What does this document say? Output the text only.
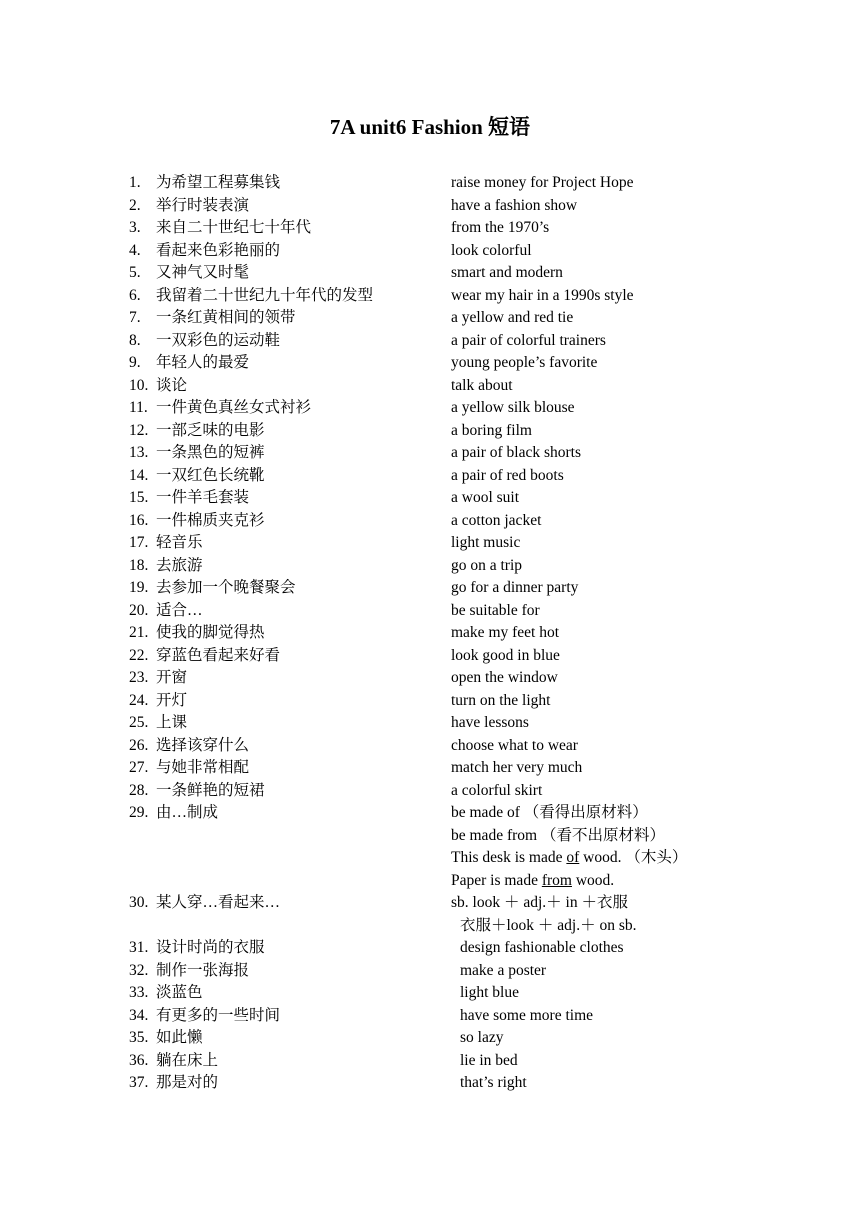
7A unit6 Fashion 短语
1. 为希望工程募集钱	raise money for Project Hope
2. 举行时装表演	have a fashion show
3. 来自二十世纪七十年代	from the 1970’s
4. 看起来色彩艳丽的	look colorful
5. 又神气又时髦	smart and modern
6. 我留着二十世纪九十年代的发型	wear my hair in a 1990s style
7. 一条红黄相间的领带	a yellow and red tie
8. 一双彩色的运动鞋	a pair of colorful trainers
9. 年轻人的最爱	young people’s favorite
10. 谈论	talk about
11. 一件黄色真丝女式衬衫	a yellow silk blouse
12. 一部乏味的电影	a boring film
13. 一条黑色的短裤	a pair of black shorts
14. 一双红色长统靴	a pair of red boots
15. 一件羊毛套装	a wool suit
16. 一件棉质夹克衫	a cotton jacket
17. 轻音乐	light music
18. 去旅游	go on a trip
19. 去参加一个晚餐聚会	go for a dinner party
20. 适合…	be suitable for
21. 使我的脚觉得热	make my feet hot
22. 穿蓝色看起来好看	look good in blue
23. 开窗	open the window
24. 开灯	turn on the light
25. 上课	have lessons
26. 选择该穿什么	choose what to wear
27. 与她非常相配	match her very much
28. 一条鲜艳的短裙	a colorful skirt
29. 由…制成	be made of （看得出原材料）
be made from （看不出原材料）
This desk is made of wood. （木头）
Paper is made from wood.
30. 某人穿…看起来…	sb. look ＋ adj.＋ in ＋衣服
衣服＋look ＋ adj.＋ on sb.
31. 设计时尚的衣服	design fashionable clothes
32. 制作一张海报	make a poster
33. 淡蓝色	light blue
34. 有更多的一些时间	have some more time
35. 如此懒	so lazy
36. 躺在床上	lie in bed
37. 那是对的	that’s right
